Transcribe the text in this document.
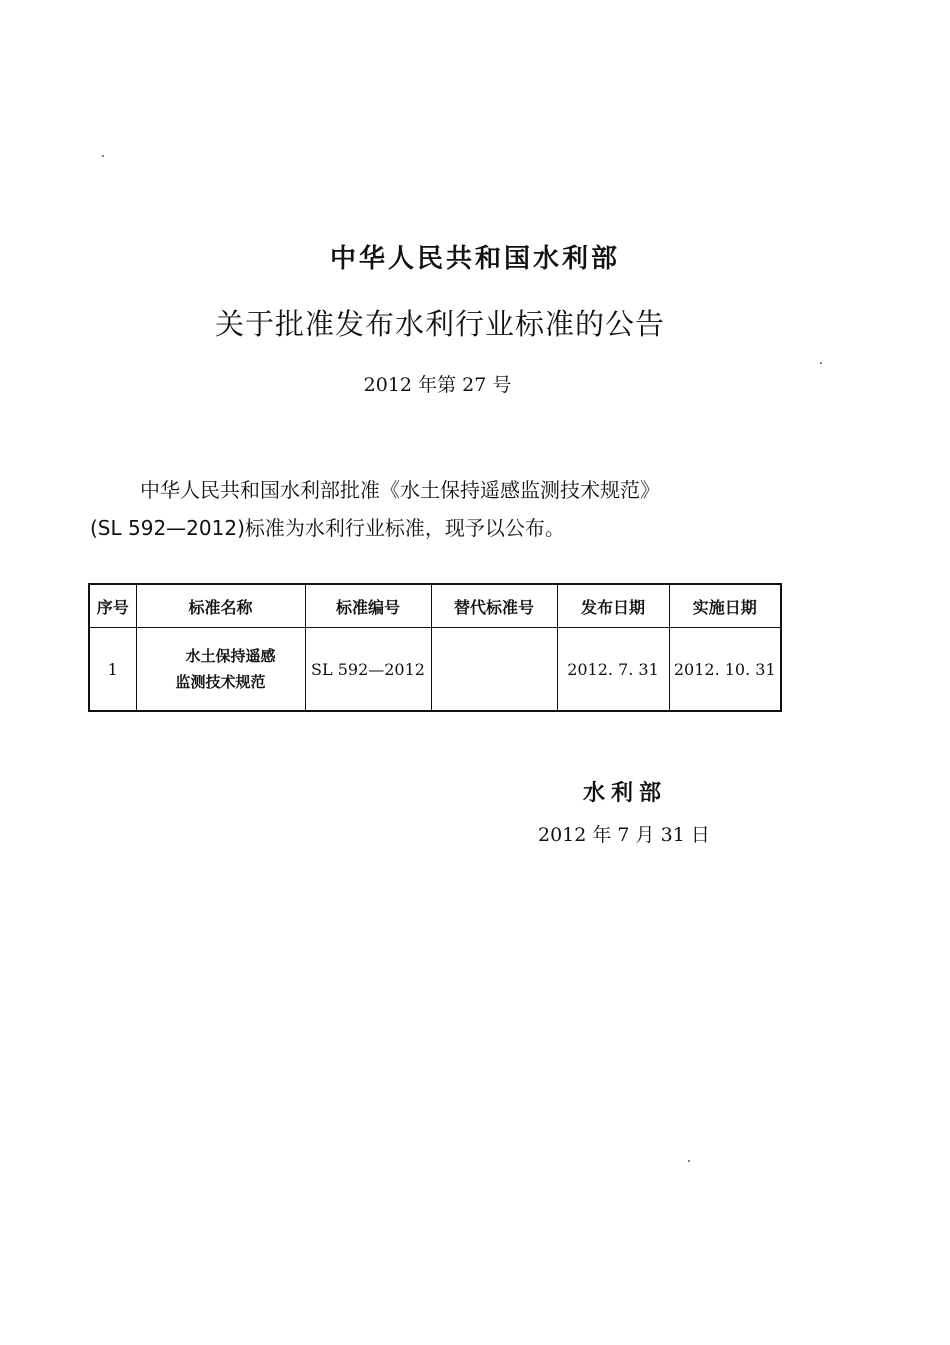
中华人民共和国水利部
关于批准发布水利行业标准的公告
2012 年第 27 号
中华人民共和国水利部批准《水土保持遥感监测技术规范》
(SL 592—2012)标准为水利行业标准，现予以公布。
序号	标准名称	标准编号	替代标准号	发布日期	实施日期
1	水土保持遥感
监测技术规范	SL 592—2012		2012. 7. 31	2012. 10. 31
水利部
2012 年 7 月 31 日
